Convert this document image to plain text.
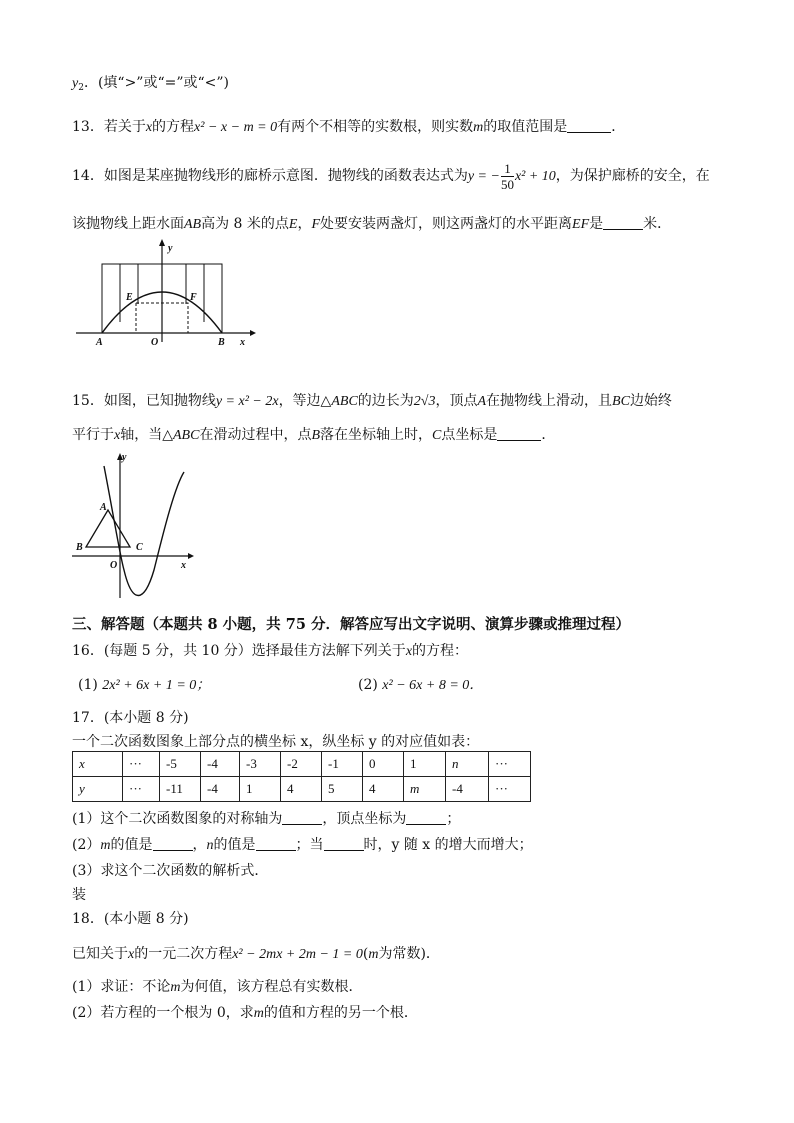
$y_2$．(填“>”或“=”或“<”)
13．若关于x的方程x² − x − m = 0有两个不相等的实数根，则实数m的取值范围是	．
14．如图是某座抛物线形的廊桥示意图．抛物线的函数表达式为y = − $\frac{1}{50} x^2 + 10$，为保护廊桥的安全，在
该抛物线上距水面AB高为 8 米的点E，F处要安装两盏灯，则这两盏灯的水平距离EF是	米．
y
E	F
A	O	B x
15．如图，已知抛物线y = x² − 2x，等边△ABC的边长为2√3，顶点A在抛物线上滑动，且BC边始终
平行于x轴，当△ABC在滑动过程中，点B落在坐标轴上时，C点坐标是	．
y
A
B	C
O	x
三、解答题（本题共 8 小题，共 75 分．解答应写出文字说明、演算步骤或推理过程）
16．(每题 5 分，共 10 分）选择最佳方法解下列关于x的方程：
(1) 2x² + 6x + 1 = 0；	(2) x² − 6x + 8 = 0．
17．(本小题 8 分)
一个二次函数图象上部分点的横坐标 x，纵坐标 y 的对应值如表：
x	···	-5	-4	-3	-2	-1	0	1	n	···
y	···	-11	-4	1	4	5	4	m	-4	···
(1）这个二次函数图象的对称轴为	，顶点坐标为	；
(2）m的值是	，n的值是	；当	时，y 随 x 的增大而增大；
(3）求这个二次函数的解析式．
装
18．(本小题 8 分)
已知关于x的一元二次方程x² − 2mx + 2m − 1 = 0(m为常数)．
(1）求证：不论m为何值，该方程总有实数根．
(2）若方程的一个根为 0，求m的值和方程的另一个根．
